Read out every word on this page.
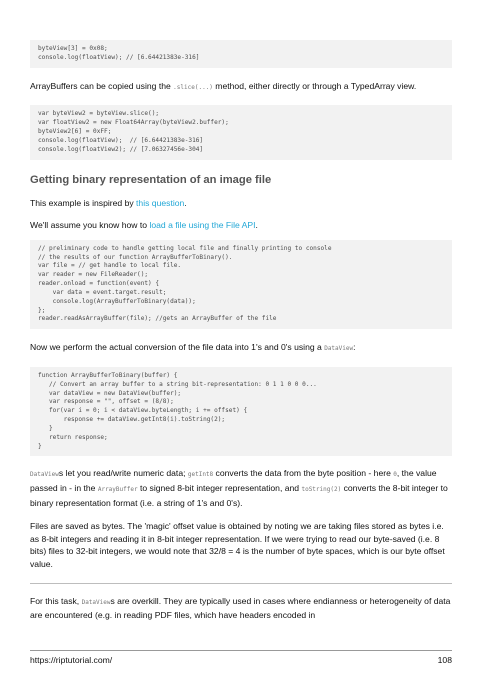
byteView[3] = 0x08;
console.log(floatView); // [6.64421383e-316]

ArrayBuffers can be copied using the .slice(...) method, either directly or through a TypedArray view.

var byteView2 = byteView.slice();
var floatView2 = new Float64Array(byteView2.buffer);
byteView2[6] = 0xFF;
console.log(floatView);  // [6.64421383e-316]
console.log(floatView2); // [7.06327456e-304]
Getting binary representation of an image file

This example is inspired by this question.

We'll assume you know how to load a file using the File API.

// preliminary code to handle getting local file and finally printing to console
// the results of our function ArrayBufferToBinary().
var file = // get handle to local file.
var reader = new FileReader();
reader.onload = function(event) {
var data = event.target.result;
console.log(ArrayBufferToBinary(data));
};
reader.readAsArrayBuffer(file); //gets an ArrayBuffer of the file

Now we perform the actual conversion of the file data into 1's and 0's using a DataView:

function ArrayBufferToBinary(buffer) {
// Convert an array buffer to a string bit-representation: 0 1 1 0 0 0...
var dataView = new DataView(buffer);
var response = "", offset = (8/8);
for(var i = 0; i < dataView.byteLength; i += offset) {
response += dataView.getInt8(i).toString(2);
}
return response;
}

DataViews let you read/write numeric data; getInt8 converts the data from the byte position - here 0, the value passed in - in the ArrayBuffer to signed 8-bit integer representation, and toString(2) converts the 8-bit integer to binary representation format (i.e. a string of 1's and 0's).

Files are saved as bytes. The 'magic' offset value is obtained by noting we are taking files stored as bytes i.e. as 8-bit integers and reading it in 8-bit integer representation. If we were trying to read our byte-saved (i.e. 8 bits) files to 32-bit integers, we would note that 32/8 = 4 is the number of byte spaces, which is our byte offset value.

For this task, DataViews are overkill. They are typically used in cases where endianness or heterogeneity of data are encountered (e.g. in reading PDF files, which have headers encoded in

https://riptutorial.com/	108
